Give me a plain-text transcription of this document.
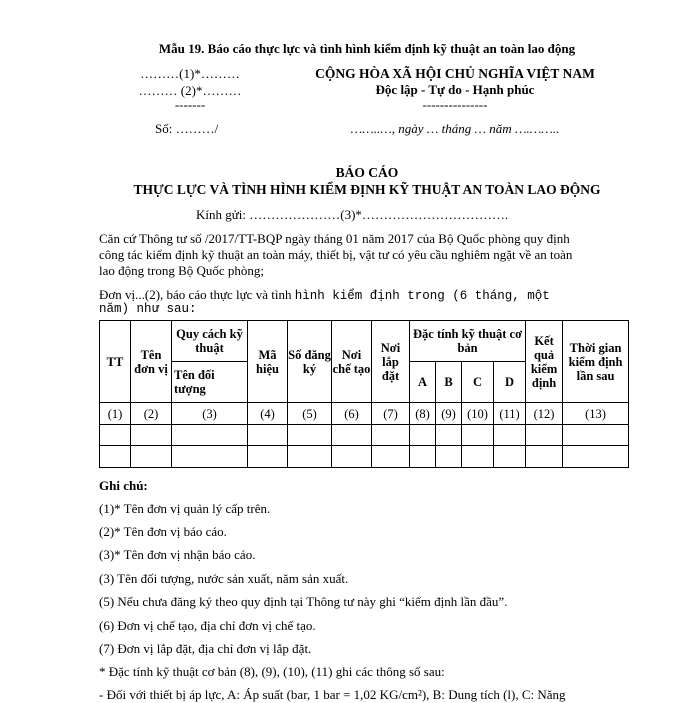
Mẫu 19. Báo cáo thực lực và tình hình kiểm định kỹ thuật an toàn lao động
………(1)*………
……… (2)*………
-------
Số: ………/
CỘNG HÒA XÃ HỘI CHỦ NGHĨA VIỆT NAM
Độc lập - Tự do - Hạnh phúc
---------------
……..…, ngày … tháng … năm ….……..
BÁO CÁO
THỰC LỰC VÀ TÌNH HÌNH KIỂM ĐỊNH KỸ THUẬT AN TOÀN LAO ĐỘNG
Kính gửi: …………………(3)*…………………………….
Căn cứ Thông tư số /2017/TT-BQP ngày tháng 01 năm 2017 của Bộ Quốc phòng quy định
công tác kiểm định kỹ thuật an toàn máy, thiết bị, vật tư có yêu cầu nghiêm ngặt về an toàn
lao động trong Bộ Quốc phòng;
Đơn vị...(2), báo cáo thực lực và tình hình kiểm định trong (6 tháng, một
năm) như sau:
TT	Tên đơn vị	Quy cách kỹ thuật	Mã hiệu	Số đăng ký	Nơi chế tạo	Nơi lắp đặt	Đặc tính kỹ thuật cơ bản				Kết quả kiểm định	Thời gian kiểm định lần sau
		Tên đối tượng					A	B	C	D		
(1)	(2)	(3)	(4)	(5)	(6)	(7)	(8)	(9)	(10)	(11)	(12)	(13)

Ghi chú:
(1)* Tên đơn vị quản lý cấp trên.
(2)* Tên đơn vị báo cáo.
(3)* Tên đơn vị nhận báo cáo.
(3) Tên đối tượng, nước sản xuất, năm sản xuất.
(5) Nếu chưa đăng ký theo quy định tại Thông tư này ghi “kiểm định lần đầu”.
(6) Đơn vị chế tạo, địa chỉ đơn vị chế tạo.
(7) Đơn vị lắp đặt, địa chỉ đơn vị lắp đặt.
* Đặc tính kỹ thuật cơ bản (8), (9), (10), (11) ghi các thông số sau:
- Đối với thiết bị áp lực, A: Áp suất (bar, 1 bar = 1,02 KG/cm²), B: Dung tích (l), C: Năng
